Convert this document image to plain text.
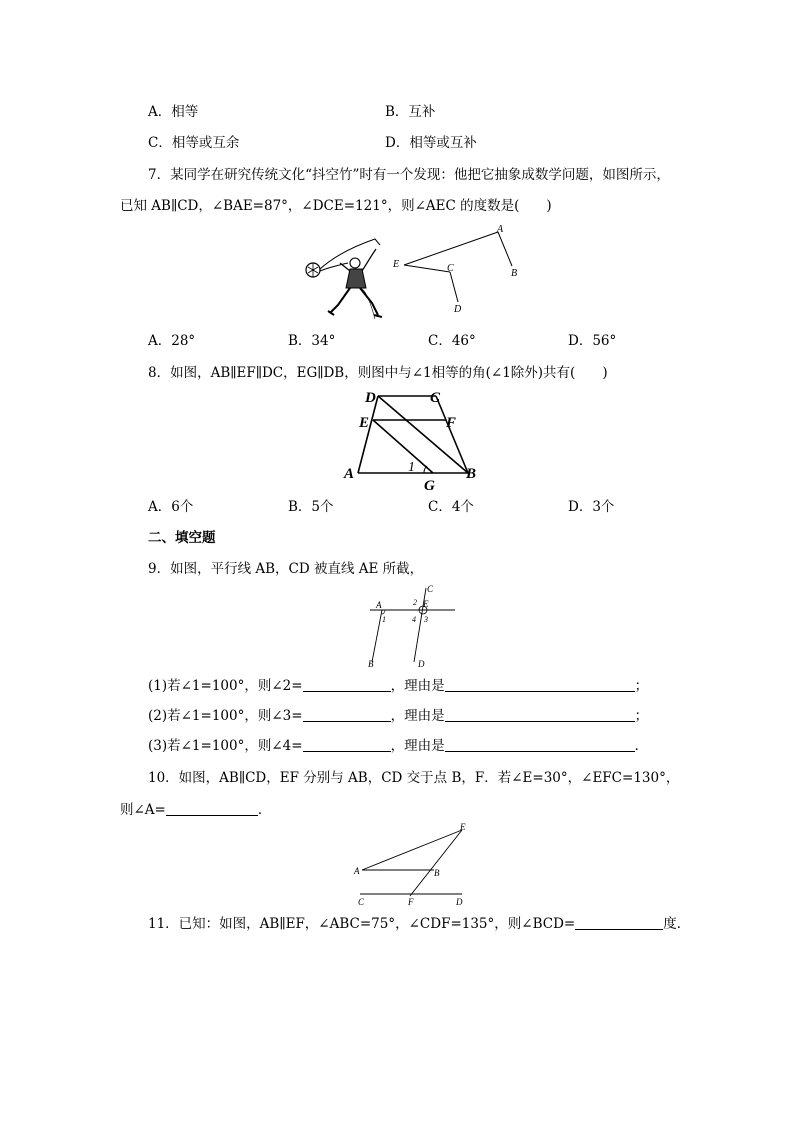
A．相等	B．互补
C．相等或互余	D．相等或互补
7．某同学在研究传统文化“抖空竹”时有一个发现：他把它抽象成数学问题，如图所示，
已知 AB∥CD，∠BAE=87°，∠DCE=121°，则∠AEC 的度数是(　　)
A
B
C
D
E
A．28°	B．34°	C．46°	D．56°
8．如图，AB∥EF∥DC，EG∥DB，则图中与∠1相等的角(∠1除外)共有(　　)
D	C
E	F
A	B
G
1
A．6个	B．5个	C．4个	D．3个
二、填空题
9．如图，平行线 AB，CD 被直线 AE 所截，
A
B
C
D
E
1
2
3
4
(1)若∠1=100°，则∠2=	，理由是	；
(2)若∠1=100°，则∠3=	，理由是	；
(3)若∠1=100°，则∠4=	，理由是	．
10．如图，AB∥CD，EF 分别与 AB，CD 交于点 B，F．若∠E=30°，∠EFC=130°，
则∠A=	．
A	B
C	D
E
F
11．已知：如图，AB∥EF，∠ABC=75°，∠CDF=135°，则∠BCD=	度．
